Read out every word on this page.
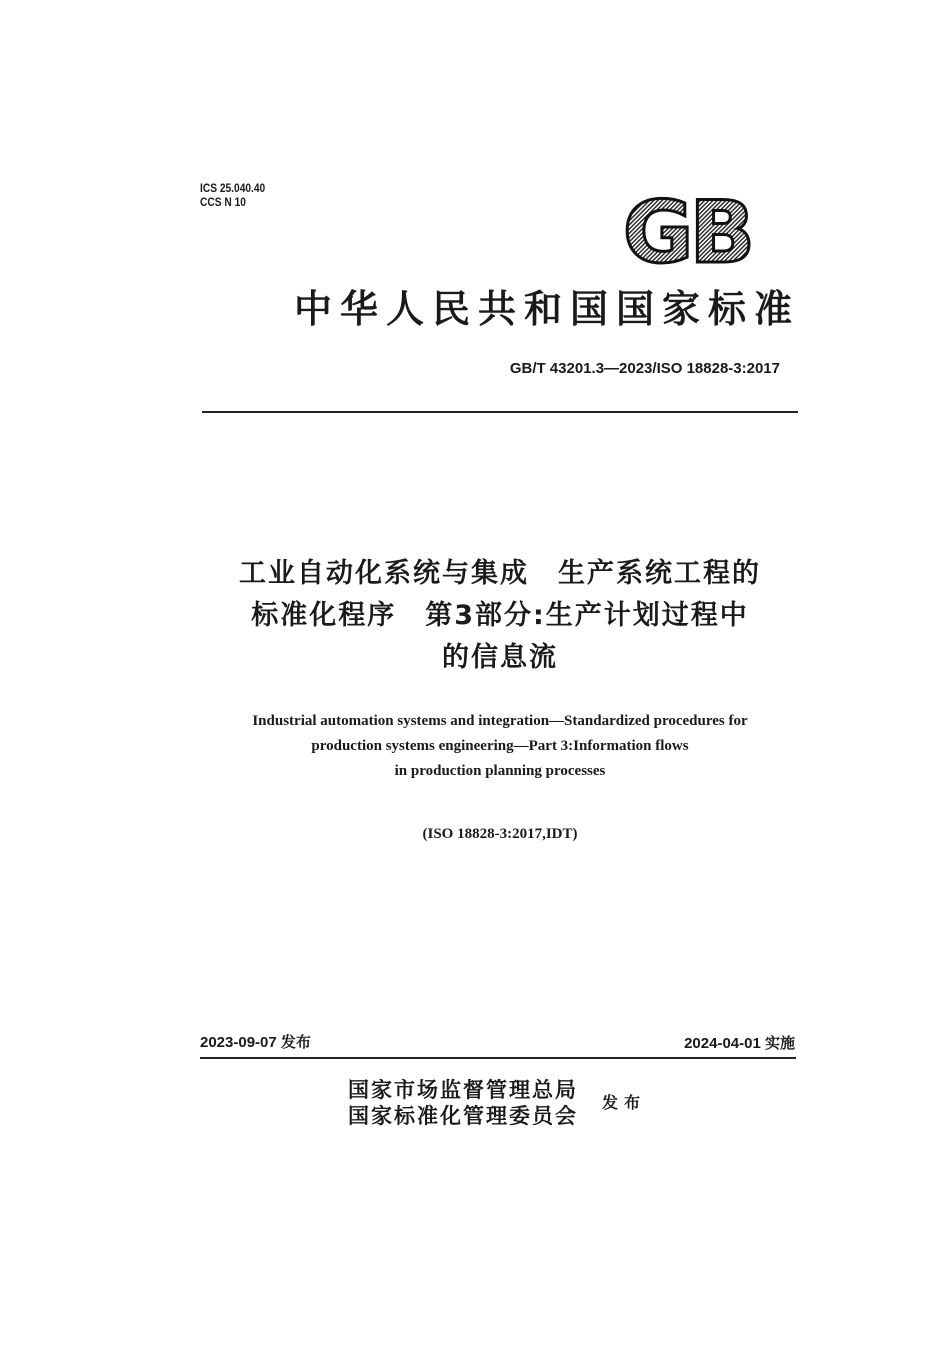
ICS 25.040.40
CCS N 10	GB
中华人民共和国国家标准
GB/T 43201.3—2023/ISO 18828-3:2017
工业自动化系统与集成　生产系统工程的
标准化程序　第3部分:生产计划过程中
的信息流
Industrial automation systems and integration—Standardized procedures for
production systems engineering—Part 3:Information flows
in production planning processes
(ISO 18828-3:2017,IDT)
2023-09-07 发布	2024-04-01 实施
国家市场监督管理总局
国家标准化管理委员会
发布
